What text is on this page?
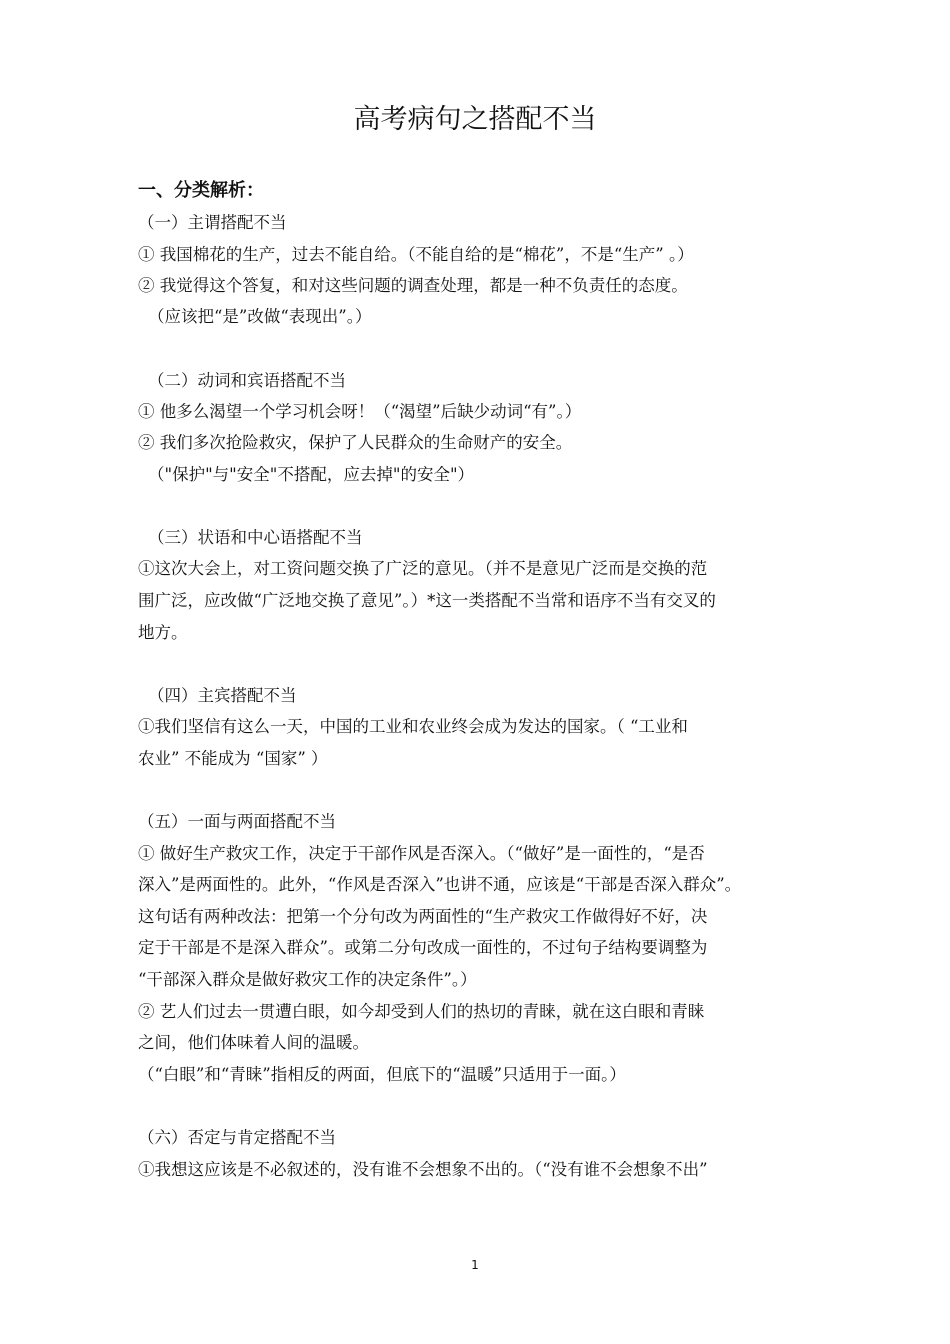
高考病句之搭配不当
一、分类解析：
（一）主谓搭配不当
① 我国棉花的生产，过去不能自给。（不能自给的是“棉花”，不是“生产” 。）
② 我觉得这个答复，和对这些问题的调查处理，都是一种不负责任的态度。
（应该把“是”改做“表现出”。）
（二）动词和宾语搭配不当
① 他多么渴望一个学习机会呀！（“渴望”后缺少动词“有”。）
② 我们多次抢险救灾，保护了人民群众的生命财产的安全。
（"保护"与"安全"不搭配，应去掉"的安全"）
（三）状语和中心语搭配不当
①这次大会上，对工资问题交换了广泛的意见。（并不是意见广泛而是交换的范
围广泛，应改做“广泛地交换了意见”。）*这一类搭配不当常和语序不当有交叉的
地方。
（四）主宾搭配不当
①我们坚信有这么一天，中国的工业和农业终会成为发达的国家。（ “工业和
农业” 不能成为 “国家” ）
（五）一面与两面搭配不当
① 做好生产救灾工作，决定于干部作风是否深入。（“做好”是一面性的，“是否
深入”是两面性的。此外，“作风是否深入”也讲不通，应该是“干部是否深入群众”。
这句话有两种改法：把第一个分句改为两面性的“生产救灾工作做得好不好，决
定于干部是不是深入群众”。或第二分句改成一面性的，不过句子结构要调整为
“干部深入群众是做好救灾工作的决定条件”。）
② 艺人们过去一贯遭白眼，如今却受到人们的热切的青睐，就在这白眼和青睐
之间，他们体味着人间的温暖。
（“白眼”和“青睐”指相反的两面，但底下的“温暖”只适用于一面。）
（六）否定与肯定搭配不当
①我想这应该是不必叙述的，没有谁不会想象不出的。（“没有谁不会想象不出”
1
